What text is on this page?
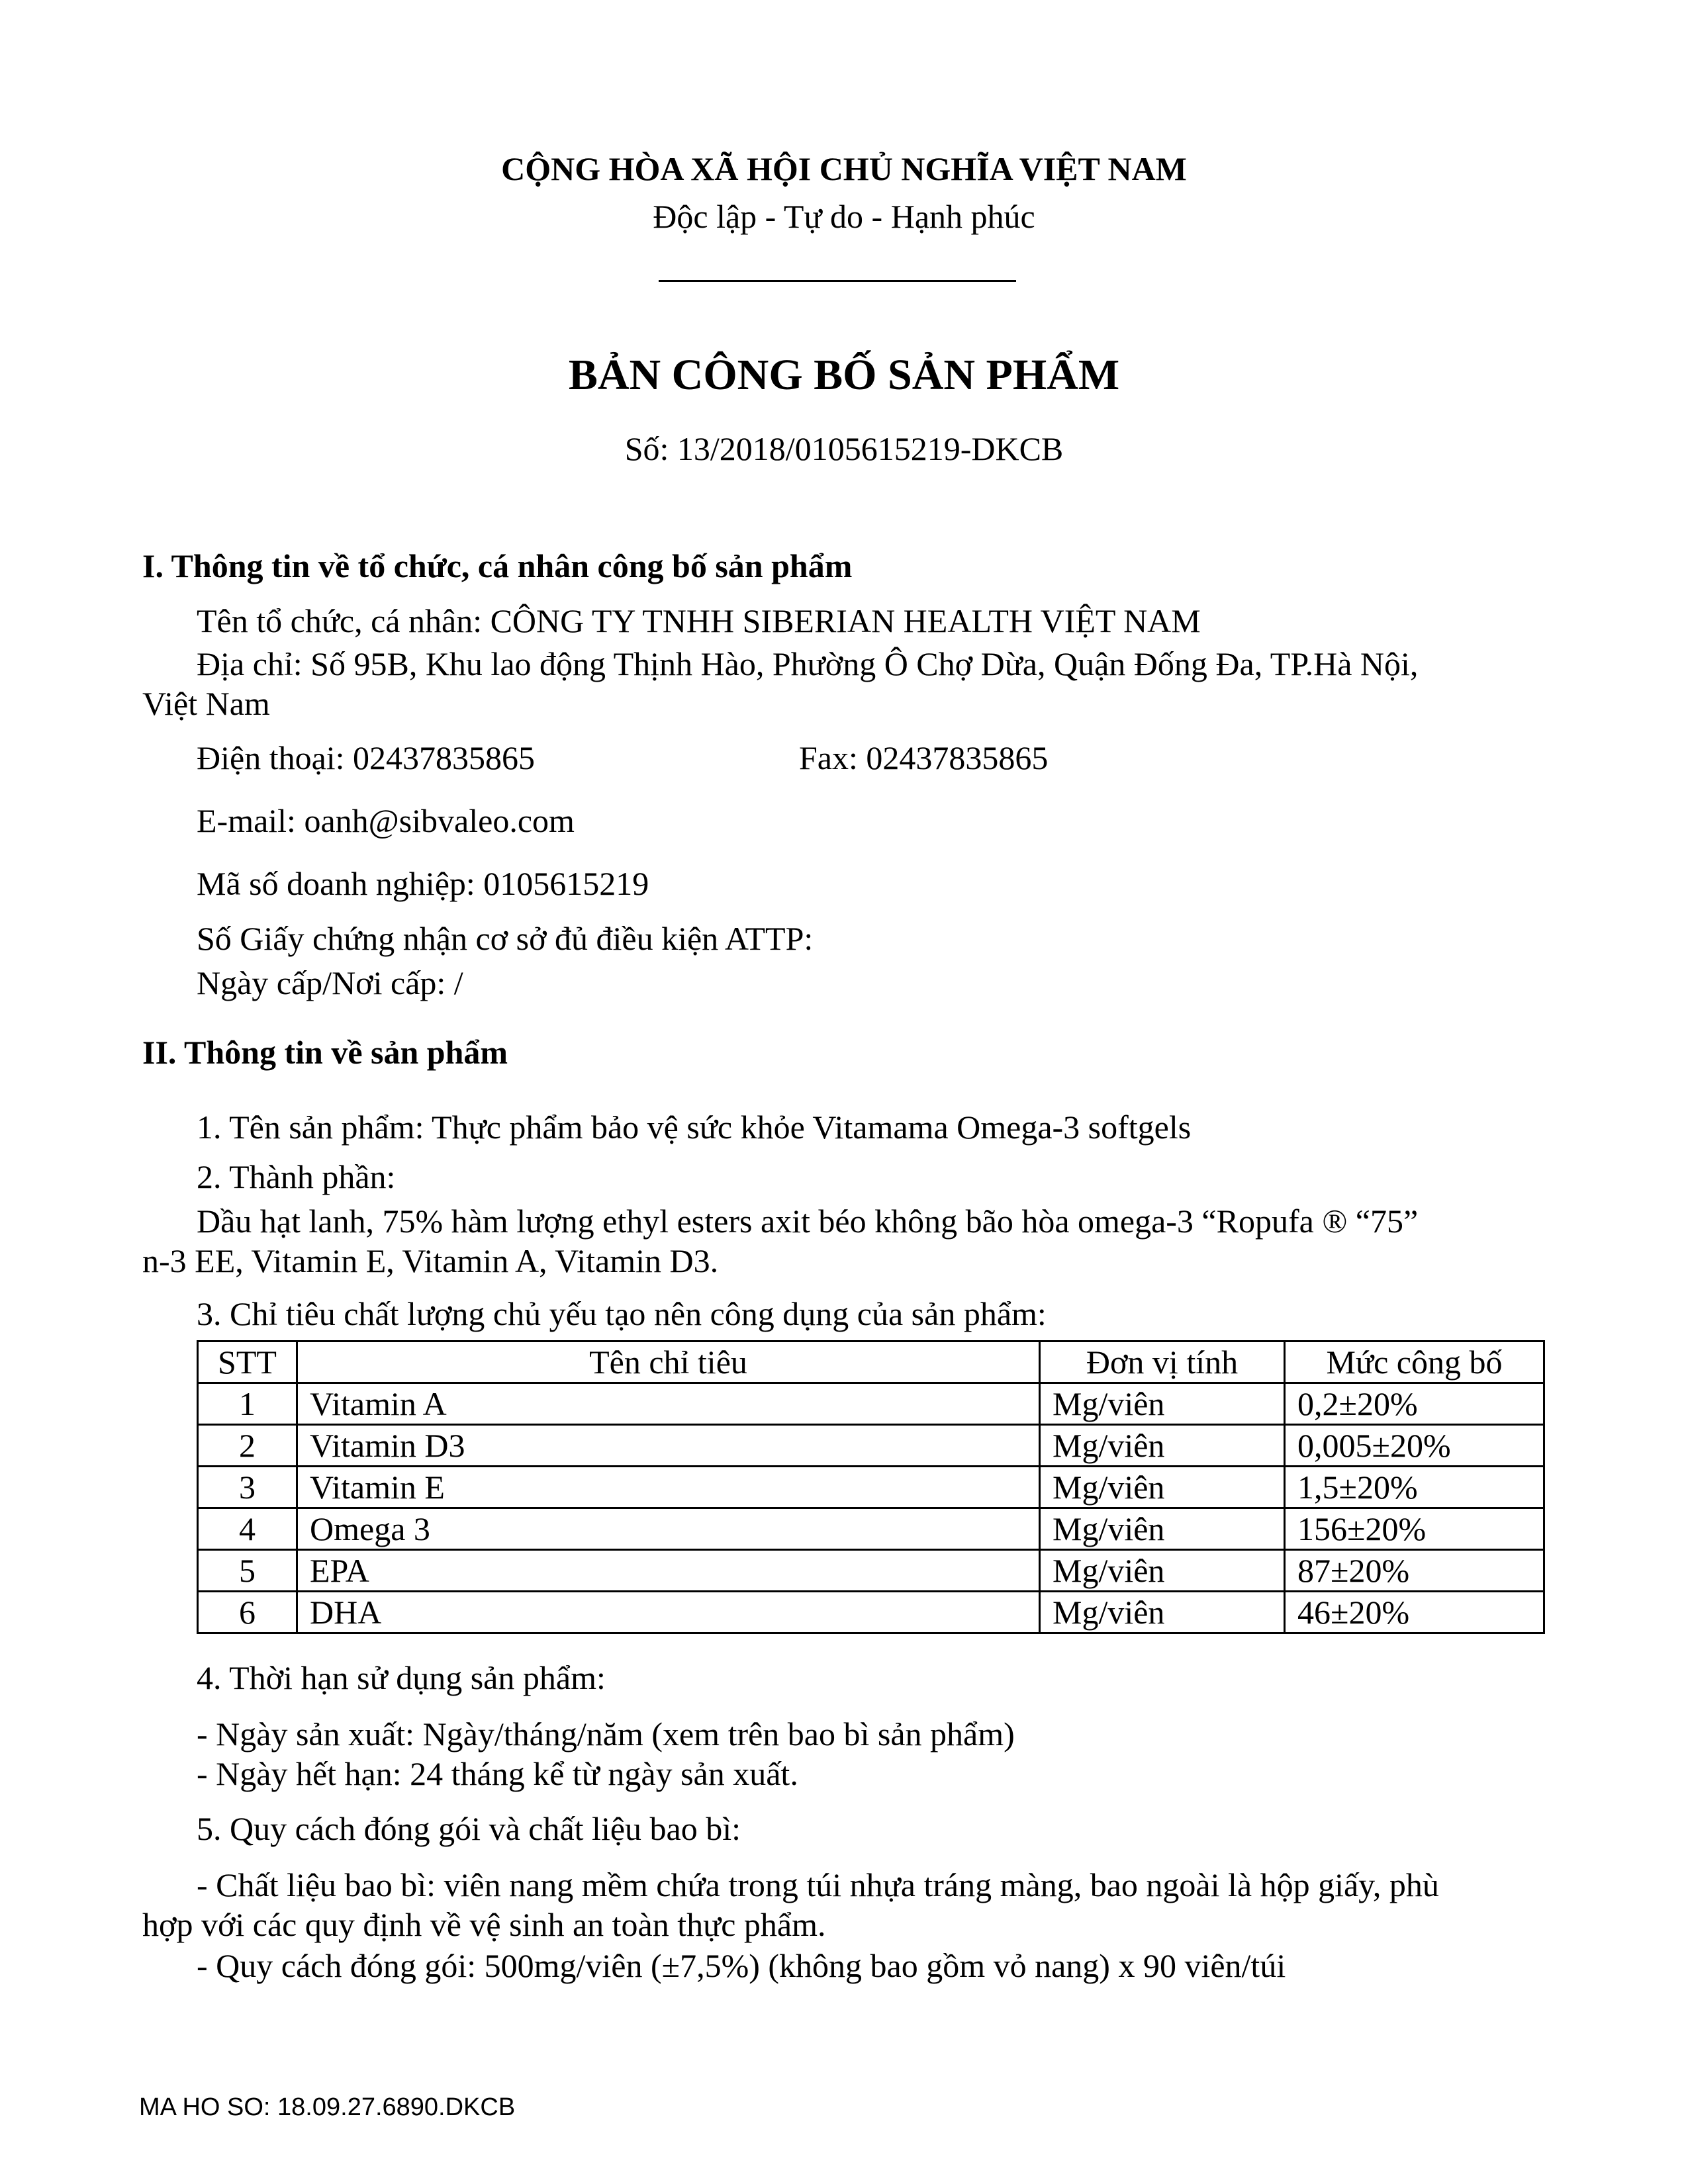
CỘNG HÒA XÃ HỘI CHỦ NGHĨA VIỆT NAM
Độc lập - Tự do - Hạnh phúc
BẢN CÔNG BỐ SẢN PHẨM
Số: 13/2018/0105615219-DKCB
I. Thông tin về tổ chức, cá nhân công bố sản phẩm
Tên tổ chức, cá nhân: CÔNG TY TNHH SIBERIAN HEALTH VIỆT NAM
Địa chỉ: Số 95B, Khu lao động Thịnh Hào, Phường Ô Chợ Dừa, Quận Đống Đa, TP.Hà Nội,
Việt Nam
Điện thoại: 02437835865	Fax: 02437835865
E-mail: oanh@sibvaleo.com
Mã số doanh nghiệp: 0105615219
Số Giấy chứng nhận cơ sở đủ điều kiện ATTP:
Ngày cấp/Nơi cấp: /
II. Thông tin về sản phẩm
1. Tên sản phẩm: Thực phẩm bảo vệ sức khỏe Vitamama Omega-3 softgels
2. Thành phần:
Dầu hạt lanh, 75% hàm lượng ethyl esters axit béo không bão hòa omega-3 “Ropufa ® “75”
n-3 EE, Vitamin E, Vitamin A, Vitamin D3.
3. Chỉ tiêu chất lượng chủ yếu tạo nên công dụng của sản phẩm:
STT	Tên chỉ tiêu	Đơn vị tính	Mức công bố
1	Vitamin A	Mg/viên	0,2±20%
2	Vitamin D3	Mg/viên	0,005±20%
3	Vitamin E	Mg/viên	1,5±20%
4	Omega 3	Mg/viên	156±20%
5	EPA	Mg/viên	87±20%
6	DHA	Mg/viên	46±20%
4. Thời hạn sử dụng sản phẩm:
- Ngày sản xuất: Ngày/tháng/năm (xem trên bao bì sản phẩm)
- Ngày hết hạn: 24 tháng kể từ ngày sản xuất.
5. Quy cách đóng gói và chất liệu bao bì:
- Chất liệu bao bì: viên nang mềm chứa trong túi nhựa tráng màng, bao ngoài là hộp giấy, phù
hợp với các quy định về vệ sinh an toàn thực phẩm.
- Quy cách đóng gói: 500mg/viên (±7,5%) (không bao gồm vỏ nang) x 90 viên/túi
MA HO SO: 18.09.27.6890.DKCB
